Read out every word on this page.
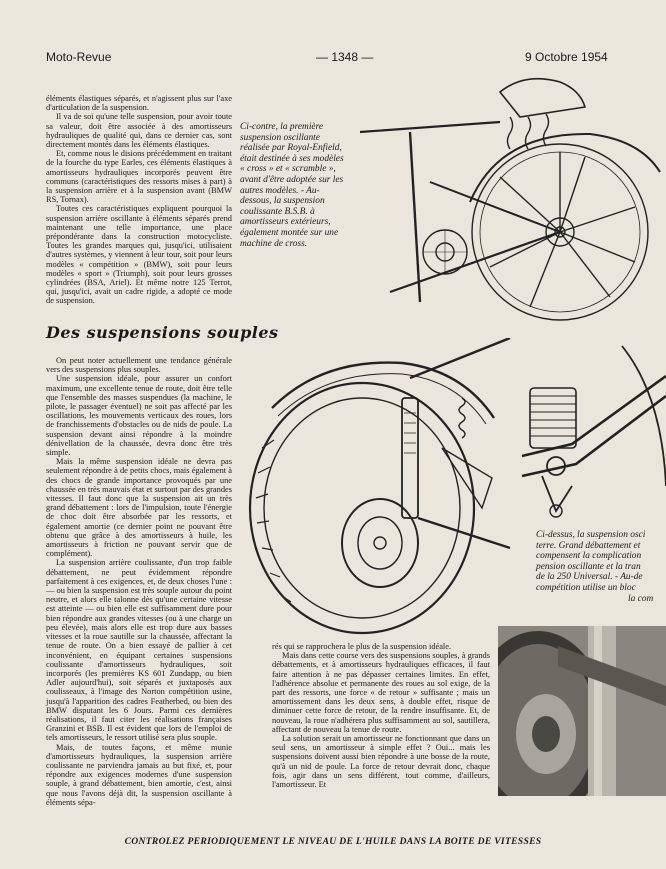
Moto-Revue	— 1348 —	9 Octobre 1954

éléments élastiques séparés, et n'agissent plus sur l'axe d'articulation de la suspension.

Il va de soi qu'une telle suspension, pour avoir toute sa valeur, doit être associée à des amortisseurs hydrauliques de qualité qui, dans ce dernier cas, sont directement montés dans les éléments élastiques.

Et, comme nous le disions précédemment en traitant de la fourche du type Earles, ces éléments élastiques à amortisseurs hydrauliques incorporés peuvent être communs (caractéristiques des ressorts mises à part) à la suspension arrière et à la suspension avant (BMW RS, Tornax).

Toutes ces caractéristiques expliquent pourquoi la suspension arrière oscillante à éléments séparés prend maintenant une telle importance, une place prépondérante dans la construction motocycliste. Toutes les grandes marques qui, jusqu'ici, utilisaient d'autres systèmes, y viennent à leur tour, soit pour leurs modèles « compétition » (BMW), soit pour leurs modèles « sport » (Triumph), soit pour leurs grosses cylindrées (BSA, Ariel). Et même notre 125 Terrot, qui, jusqu'ici, avait un cadre rigide, a adopté ce mode de suspension.

Ci-contre, la première suspension oscillante réalisée par Royal-Enfield, était destinée à ses modèles « cross » et « scramble », avant d'être adoptée sur les autres modèles. - Au-dessous, la suspension coulissante B.S.B. à amortisseurs extérieurs, également montée sur une machine de cross.

Des suspensions souples

On peut noter actuellement une tendance générale vers des suspensions plus souples.

Une suspension idéale, pour assurer un confort maximum, une excellente tenue de route, doit être telle que l'ensemble des masses suspendues (la machine, le pilote, le passager éventuel) ne soit pas affecté par les oscillations, les mouvements verticaux des roues, lors de franchissements d'obstacles ou de nids de poule. La suspension devant ainsi répondre à la moindre dénivellation de la chaussée, devra donc être très simple.

Mais la même suspension idéale ne devra pas seulement répondre à de petits chocs, mais également à des chocs de grande importance provoqués par une chaussée en très mauvais état et surtout par des grandes vitesses. Il faut donc que la suspension ait un très grand débattement : lors de l'impulsion, toute l'énergie de choc doit être absorbée par les ressorts, et également amortie (ce dernier point ne pouvant être obtenu que grâce à des amortisseurs à huile, les amortisseurs à friction ne pouvant servir que de complément).

La suspension arrière coulissante, d'un trop faible débattement, ne peut évidemment répondre parfaitement à ces exigences, et, de deux choses l'une : — ou bien la suspension est très souple autour du point neutre, et alors elle talonne dès qu'une certaine vitesse est atteinte — ou bien elle est suffisamment dure pour bien répondre aux grandes vitesses (ou à une charge un peu élevée), mais alors elle est trop dure aux basses vitesses et la roue sautille sur la chaussée, affectant la tenue de route. On a bien essayé de pallier à cet inconvénient, en équipant certaines suspensions coulissante d'amortisseurs hydrauliques, soit incorporés (les premières KS 601 Zundapp, ou bien Adler aujourd'hui), soit séparés et juxtaposés aux coulisseaux, à l'image des Norton compétition usine, jusqu'à l'apparition des cadres Featherbed, ou bien des BMW disputant les 6 Jours. Parmi ces dernières réalisations, il faut citer les réalisations françaises Granzini et BSB. Il est évident que lors de l'emploi de tels amortisseurs, le ressort utilisé sera plus souple.

Mais, de toutes façons, et même munie d'amortisseurs hydrauliques, la suspension arrière coulissante ne parviendra jamais au but fixé, et, pour répondre aux exigences modernes d'une suspension souple, à grand débattement, bien amortie, c'est, ainsi que nous l'avons déjà dit, la suspension oscillante à éléments sépa-

Ci-dessus, la suspension osci

terre. Grand débattement et

compensent la complication

pension oscillante et la tran

de la 250 Universal. - Au-de

compétition utilise un bloc

la com

rés qui se rapprochera le plus de la suspension idéale.

Mais dans cette course vers des suspensions souples, à grands débattements, et à amortisseurs hydrauliques efficaces, il faut faire attention à ne pas dépasser certaines limites. En effet, l'adhérence absolue et permanente des roues au sol exige, de la part des ressorts, une force « de retour » suffisante ; mais un amortissement dans les deux sens, à double effet, risque de diminuer cette force de retour, de la rendre insuffisante. Et, de nouveau, la roue n'adhérera plus suffisamment au sol, sautillera, affectant de nouveau la tenue de route.

La solution serait un amortisseur ne fonctionnant que dans un seul sens, un amortisseur à simple effet ? Oui... mais les suspensions doivent aussi bien répondre à une bosse de la route, qu'à un nid de poule. La force de retour devrait donc, chaque fois, agir dans un sens différent, tout comme, d'ailleurs, l'amortisseur. Et

CONTROLEZ PERIODIQUEMENT LE NIVEAU DE L'HUILE DANS LA BOITE DE VITESSES
